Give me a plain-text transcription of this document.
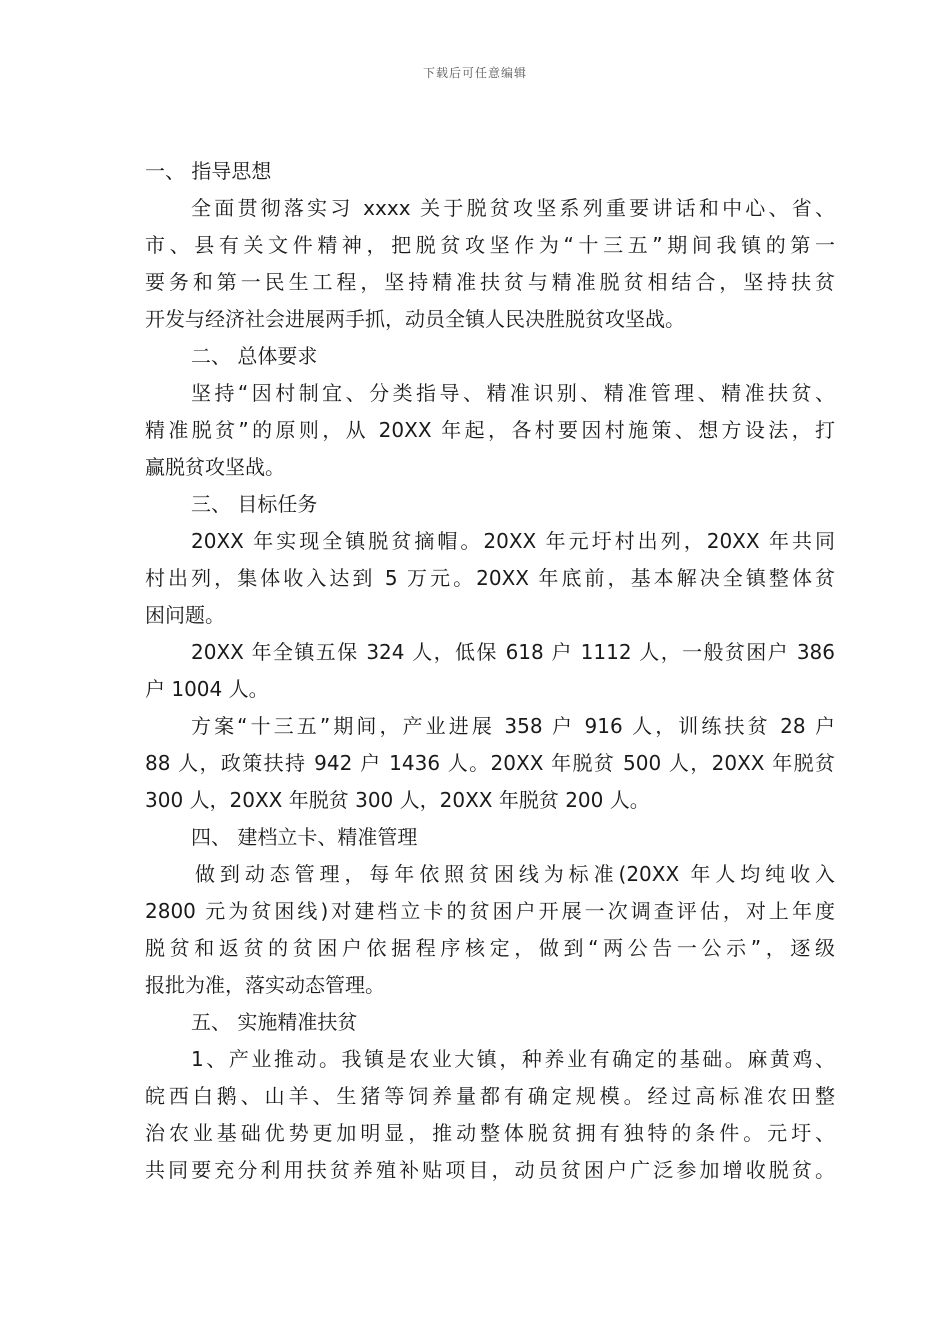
下载后可任意编辑
一、 指导思想
全面贯彻落实习 xxxx 关于脱贫攻坚系列重要讲话和中心、省、
市、县有关文件精神，把脱贫攻坚作为“十三五”期间我镇的第一
要务和第一民生工程，坚持精准扶贫与精准脱贫相结合，坚持扶贫
开发与经济社会进展两手抓，动员全镇人民决胜脱贫攻坚战。
二、 总体要求
坚持“因村制宜、分类指导、精准识别、精准管理、精准扶贫、
精准脱贫”的原则，从 20XX 年起，各村要因村施策、想方设法，打
赢脱贫攻坚战。
三、 目标任务
20XX 年实现全镇脱贫摘帽。20XX 年元圩村出列，20XX 年共同
村出列，集体收入达到 5 万元。20XX 年底前，基本解决全镇整体贫
困问题。
20XX 年全镇五保 324 人，低保 618 户 1112 人，一般贫困户 386
户 1004 人。
方案“十三五”期间，产业进展 358 户 916 人，训练扶贫 28 户
88 人，政策扶持 942 户 1436 人。20XX 年脱贫 500 人，20XX 年脱贫
300 人，20XX 年脱贫 300 人，20XX 年脱贫 200 人。
四、 建档立卡、精准管理
做到动态管理，每年依照贫困线为标准(20XX 年人均纯收入
2800 元为贫困线)对建档立卡的贫困户开展一次调查评估，对上年度
脱贫和返贫的贫困户依据程序核定，做到“两公告一公示”，逐级
报批为准，落实动态管理。
五、 实施精准扶贫
1、产业推动。我镇是农业大镇，种养业有确定的基础。麻黄鸡、
皖西白鹅、山羊、生猪等饲养量都有确定规模。经过高标准农田整
治农业基础优势更加明显，推动整体脱贫拥有独特的条件。元圩、
共同要充分利用扶贫养殖补贴项目，动员贫困户广泛参加增收脱贫。
